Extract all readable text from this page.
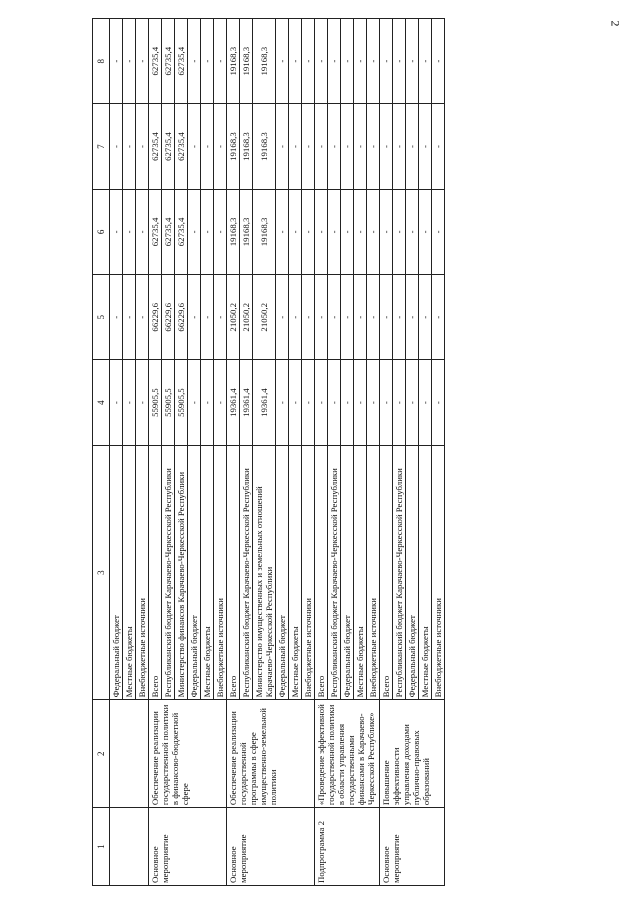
2
1	2	3	4	5	6	7	8
		Федеральный бюджет	-	-	-	-	-
		Местные бюджеты	-	-	-	-	-
		Внебюджетные источники	-	-	-	-	-
Основное мероприятие	Обеспечение реализации государственной политики в финансово-бюджетной сфере	Всего	55905,5	66229,6	62735,4	62735,4	62735,4
		Республиканский бюджет Карачаево-Черкесской Республики	55905,5	66229,6	62735,4	62735,4	62735,4
		Министерство финансов Карачаево-Черкесской Республики	55905,5	66229,6	62735,4	62735,4	62735,4
		Федеральный бюджет	-	-	-	-	-
		Местные бюджеты	-	-	-	-	-
		Внебюджетные источники	-	-	-	-	-
Основное мероприятие	Обеспечение реализации государственной программы в сфере имущественно-земельной политики	Всего	19361,4	21050,2	19168,3	19168,3	19168,3
		Республиканский бюджет Карачаево-Черкесской Республики	19361,4	21050,2	19168,3	19168,3	19168,3
		Министерство имущественных и земельных отношений Карачаево-Черкесской Республики	19361,4	21050,2	19168,3	19168,3	19168,3
		Федеральный бюджет	-	-	-	-	-
		Местные бюджеты	-	-	-	-	-
		Внебюджетные источники	-	-	-	-	-
Подпрограмма 2	«Проведение эффективной государственной политики в области управления государственными финансами в Карачаево-Черкесской Республике»	Всего	-	-	-	-	-
		Республиканский бюджет Карачаево-Черкесской Республики	-	-	-	-	-
		Федеральный бюджет	-	-	-	-	-
		Местные бюджеты	-	-	-	-	-
		Внебюджетные источники	-	-	-	-	-
Основное мероприятие	Повышение эффективности управления доходами публично-правовых образований	Всего	-	-	-	-	-
		Республиканский бюджет Карачаево-Черкесской Республики	-	-	-	-	-
		Федеральный бюджет	-	-	-	-	-
		Местные бюджеты	-	-	-	-	-
		Внебюджетные источники	-	-	-	-	-
